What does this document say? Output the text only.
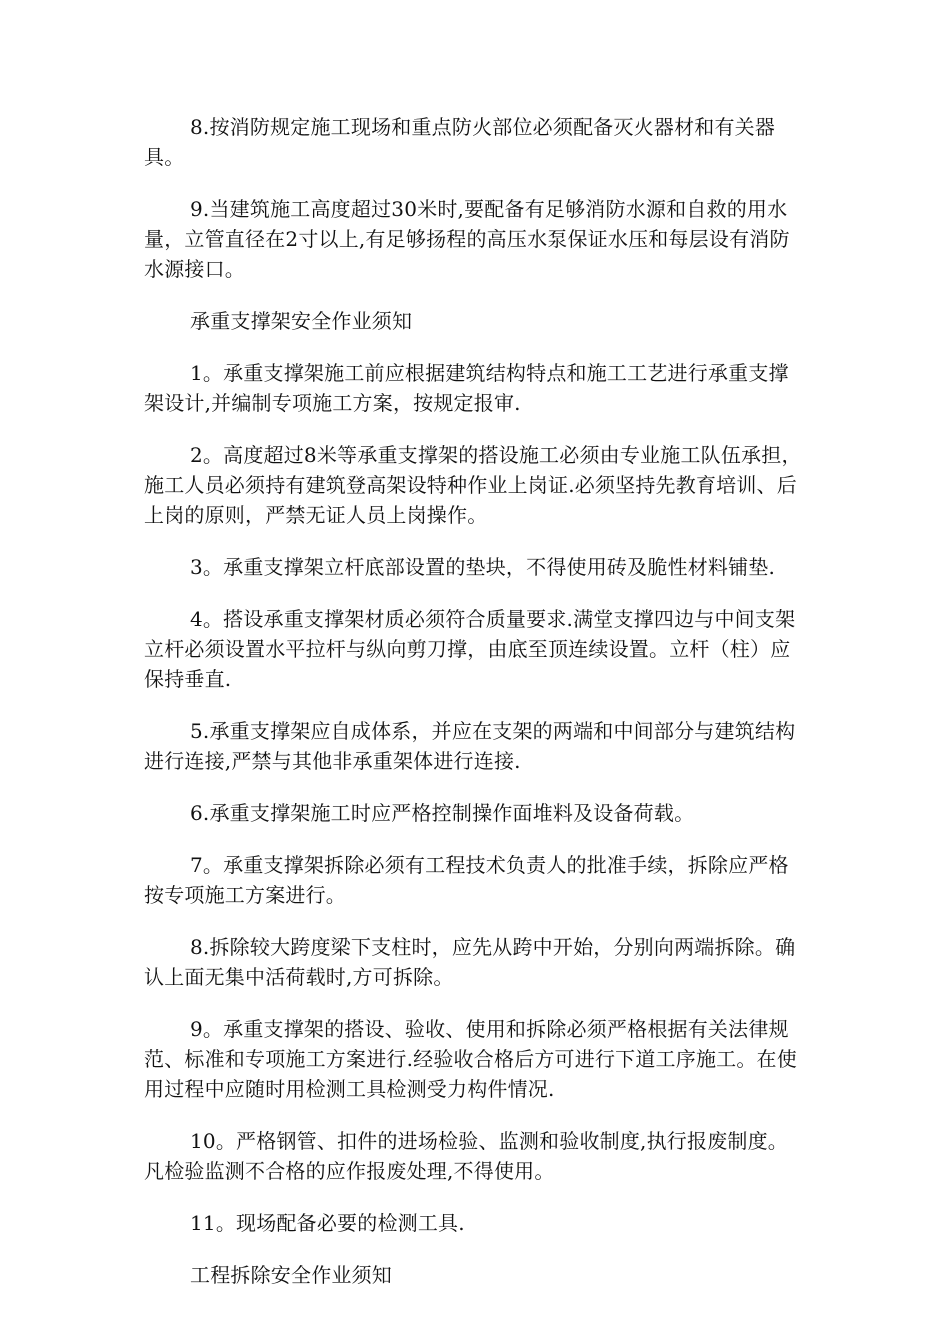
8.按消防规定施工现场和重点防火部位必须配备灭火器材和有关器具。

9.当建筑施工高度超过30米时,要配备有足够消防水源和自救的用水量，立管直径在2寸以上,有足够扬程的高压水泵保证水压和每层设有消防水源接口。

承重支撑架安全作业须知

1。承重支撑架施工前应根据建筑结构特点和施工工艺进行承重支撑架设计,并编制专项施工方案，按规定报审.

2。高度超过8米等承重支撑架的搭设施工必须由专业施工队伍承担，施工人员必须持有建筑登高架设特种作业上岗证.必须坚持先教育培训、后上岗的原则，严禁无证人员上岗操作。

3。承重支撑架立杆底部设置的垫块，不得使用砖及脆性材料铺垫.

4。搭设承重支撑架材质必须符合质量要求.满堂支撑四边与中间支架立杆必须设置水平拉杆与纵向剪刀撑，由底至顶连续设置。立杆（柱）应保持垂直.

5.承重支撑架应自成体系，并应在支架的两端和中间部分与建筑结构进行连接,严禁与其他非承重架体进行连接.

6.承重支撑架施工时应严格控制操作面堆料及设备荷载。

7。承重支撑架拆除必须有工程技术负责人的批准手续，拆除应严格按专项施工方案进行。

8.拆除较大跨度梁下支柱时，应先从跨中开始，分别向两端拆除。确认上面无集中活荷载时,方可拆除。

9。承重支撑架的搭设、验收、使用和拆除必须严格根据有关法律规范、标准和专项施工方案进行.经验收合格后方可进行下道工序施工。在使用过程中应随时用检测工具检测受力构件情况.

10。严格钢管、扣件的进场检验、监测和验收制度,执行报废制度。凡检验监测不合格的应作报废处理,不得使用。

11。现场配备必要的检测工具.

工程拆除安全作业须知
